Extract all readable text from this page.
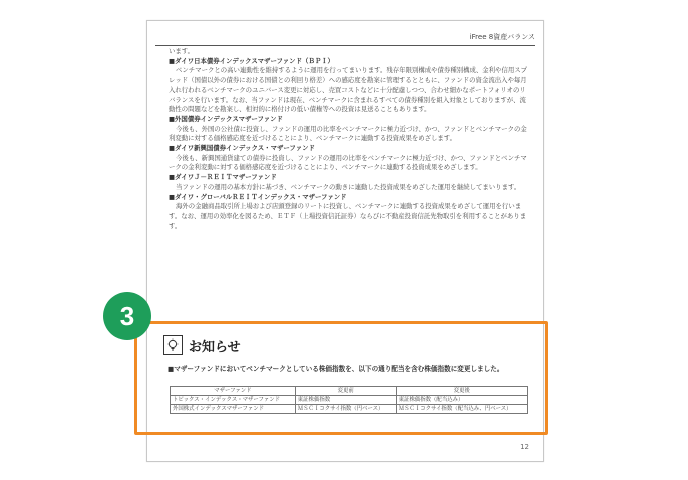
iFree 8資産バランス

います。

■ダイワ日本債券インデックスマザーファンド（ＢＰＩ）

ベンチマークとの高い連動性を維持するように運用を行ってまいります。残存年限別構成や債券種別構成、金利や信用スプレッド（国債以外の債券における国債との利回り格差）への感応度を勘案に管理するとともに、ファンドの資金流出入や毎月入れ行われるベンチマークのユニバース変更に対応し、売買コストなどに十分配慮しつつ、合わせ細かなポートフォリオのリバランスを行います。なお、当ファンドは現在、ベンチマークに含まれるすべての債券種別を組入対象としておりますが、流動性の問題などを勘案し、相対的に格付けの低い債権等への投資は見送ることもあります。

■外国債券インデックスマザーファンド

今後も、外国の公社債に投資し、ファンドの運用の比率をベンチマークに極力近づけ、かつ、ファンドとベンチマークの金利変動に対する価格感応度を近づけることにより、ベンチマークに連動する投資成果をめざします。

■ダイワ新興国債券インデックス・マザーファンド

今後も、新興国通貨建ての債券に投資し、ファンドの運用の比率をベンチマークに極力近づけ、かつ、ファンドとベンチマークの金利変動に対する価格感応度を近づけることにより、ベンチマークに連動する投資成果をめざします。

■ダイワＪ－ＲＥＩＴマザーファンド

当ファンドの運用の基本方針に基づき、ベンチマークの動きに連動した投資成果をめざした運用を継続してまいります。

■ダイワ・グローバルＲＥＩＴインデックス・マザーファンド

海外の金融商品取引所上場および店頭登録のリートに投資し、ベンチマークに連動する投資成果をめざして運用を行います。なお、運用の効率化を図るため、ＥＴＦ（上場投資信託証券）ならびに不動産投資信託先物取引を利用することがあります。

12
3
お知らせ
■マザーファンドにおいてベンチマークとしている株価指数を、以下の通り配当を含む株価指数に変更しました。
マザーファンド	変更前	変更後
トピックス・インデックス・マザーファンド	東証株価指数	東証株価指数（配当込み）
外国株式インデックスマザーファンド	ＭＳＣＩコクサイ指数（円ベース）	ＭＳＣＩコクサイ指数（配当込み、円ベース）
